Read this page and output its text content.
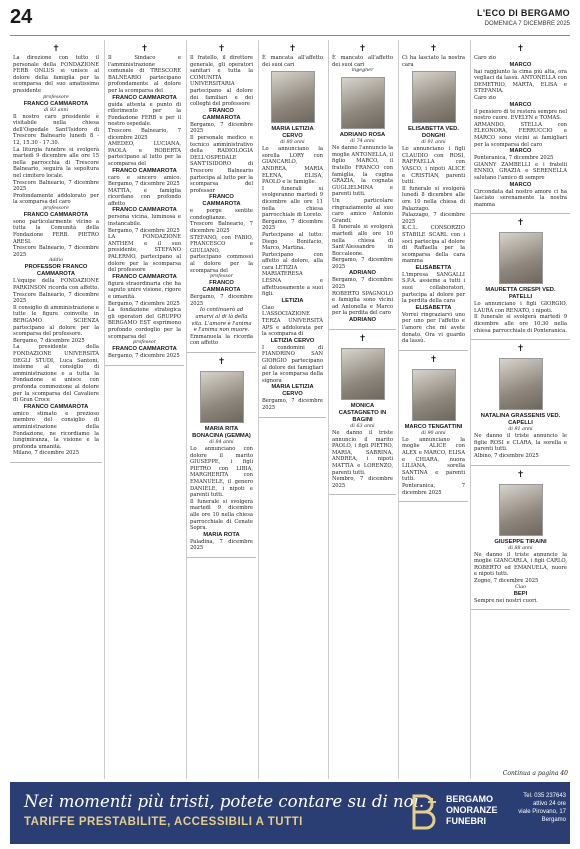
24	L'ECO DI BERGAMO
DOMENICA 7 DICEMBRE 2025
✝
La direzione con tutto il personale della FONDAZIONE FERB ONLUS si unisce al dolore della famiglia per la scomparsa del suo amatissimo presidente
professore
FRANCO CAMMAROTA
di 83 anni
Il nostro caro presidente è visitabile nella chiesa dell'Ospedale Sant'Isidoro di Trescore Balneario lunedì 8 - 12, 15.30 - 17.30.
La liturgia funebre si svolgerà martedì 9 dicembre alle ore 15 nella parrocchia di Trescore Balneario, seguirà la sepoltura nel cimitero locale.
Trescore Balneario, 7 dicembre 2025
Profondamente addolorato per la scomparsa del caro
professore
FRANCO CAMMAROTA
sono particolarmente vicino a tutta la Comunità della Fondazione FERB. PIETRO ARESI.
Trescore Balneario, 7 dicembre 2025
Addio
PROFESSOR FRANCO CAMMAROTA
L'équipe della FONDAZIONE PARKINSON ricorda con affetto. Trescore Balneario, 7 dicembre 2025
Il consiglio di amministrazione e tutte le figure coinvolte in BERGAMO SCIENZA partecipano al dolore per la scomparsa del professore.
Bergamo, 7 dicembre 2025
La presidente della FONDAZIONE UNIVERSITÀ DEGLI STUDI, Luca Santoni, insieme al consiglio di amministrazione e a tutta la Fondazione si unisce con profonda commozione al dolore per la scomparsa del Cavaliere di Gran Croce
FRANCO CAMMAROTA
amico stimato e prezioso membro del consiglio di amministrazione della Fondazione, ne ricordiamo la lungimiranza, la visione e la profonda umanità.
Milano, 7 dicembre 2025
✝
Il Sindaco e l'amministrazione comunale di TRESCORE BALNEARIO partecipano profondamente al dolore per la scomparsa del
FRANCO CAMMAROTA
guida attenta e punto di riferimento per la Fondazione FERB e per il nostro ospedale.
Trescore Balneario, 7 dicembre 2025
AMEDEO, LUCIANA, PAOLA e ROBERTA partecipano al lutto per la scomparsa del
FRANCO CAMMAROTA
caro e sincero amico. Bergamo, 7 dicembre 2025
MATTIA, e famiglia ricordano con profondo affetto
FRANCO CAMMAROTA
persona vicina, luminosa e instancabile.
Bergamo, 7 dicembre 2025
LA FONDAZIONE ANTHEM e il suo presidente, STEFANO PALERMO, partecipano al dolore per la scomparsa del professore
FRANCO CAMMAROTA
figura straordinaria che ha saputo unire visione, rigore e umanità.
Bergamo, 7 dicembre 2025
La fondazione strategica gli operatori del GRUPPO BERGAMO EST esprimono profondo cordoglio per la scomparsa del
professor
FRANCO CAMMAROTA
Bergamo, 7 dicembre 2025
✝
Il fratello, il direttore generale, gli operatori sanitari e tutta la COMUNITÀ UNIVERSITARIA partecipano al dolore dei familiari e dei colleghi del professore
FRANCO CAMMAROTA
Bergamo, 7 dicembre 2025
Il personale medico e tecnico amministrativo della RADIOLOGIA DELL'OSPEDALE SANT'ISIDORO di Trescore Balneario partecipa al lutto per la scomparsa del professor
FRANCO CAMMAROTA
e porge sentite condoglianze.
Trescore Balneario, 7 dicembre 2025
STEFANO, con FABIO, FRANCESCO e GIULIANO, partecipano commossi al dolore per la scomparsa del
professor
FRANCO CAMMAROTA
Bergamo, 7 dicembre 2025
Io continuerò ad amarvi al di là della vita. L'amore è l'anima e l'anima non muore.
Emmanuela la ricorda con affetto
✝
MARIA RITA BONACINA (GEMMA)
di 84 anni
Lo annunciano con dolore il marito GIUSEPPE, i figli PIETRO con LIBIA, MARGHERITA con EMANUELE, il genero DANIELE, i nipoti e parenti tutti.
Il funerale si svolgerà martedì 9 dicembre alle ore 10 nella chiesa parrocchiale di Cenate Sopra.
MARIA ROTA
Paladina, 7 dicembre 2025
✝
È mancata all'affetto dei suoi cari
MARIA LETIZIA CERVO
di 80 anni
Lo annunciano la sorella LORY con GIANCARLO, ANDREA, MARIA ELENA, ELISA, PAOLO e le famiglie.
I funerali si svolgeranno martedì 9 dicembre alle ore 11 nella chiesa parrocchiale di Loreto.
Bergamo, 7 dicembre 2025
Partecipano al lutto: Diego Bonifacio, Marco, Martina.
Partecipano con affetto al dolore, alla cara LETIZIA
MARIATERESA LESNA e affettuosamente a suoi figli.
LETIZIA
Ciao
L'ASSOCIAZIONE TERZA UNIVERSITÀ APS e addolorata per la scomparsa di
LETIZIA CERVO
I condomini di FIANDRINO SAN GIORGIO partecipano al dolore dei famigliari per la scomparsa della signora
MARIA LETIZIA CERVO
Bergamo, 7 dicembre 2025
✝
È mancato all'affetto dei suoi cari
ingegner
ADRIANO ROSA
di 74 anni
Ne danno l'annuncio la moglie ANTONELLA, il figlio MARCO, il fratello FRANCO con famiglia, la cugina GRAZIA, la cognata GUGLIELMINA e parenti tutti.
Un particolare ringraziamento al suo caro amico Antonio Grandi.
Il funerale si svolgerà martedì alle ore 10 nella chiesa di Sant'Alessandro in Boccaleone.
Bergamo, 7 dicembre 2025
ADRIANO
Bergamo, 7 dicembre 2025
ROBERTO SPAGNOLO e famiglia sono vicini ad Antonella e Marco per la perdita del caro
ADRIANO
✝
MONICA CASTAGNETO IN BAGINI
di 63 anni
Ne danno il triste annuncio il marito PAOLO, i figli PIETRO, MARIA, SABRINA, ANDREA, i nipoti MATTIA e LORENZO, parenti tutti.
Nembro, 7 dicembre 2025
✝
Ci ha lasciato la nostra cara
ELISABETTA VED. DONGHI
di 91 anni
Lo annunciano i figli CLAUDIO con ROSI, RAFFAELLA con VASCO, i nipoti ALICE e CRISTIAN, parenti tutti.
Il funerale si svolgerà lunedì 8 dicembre alle ore 10 nella chiesa di Palazzago.
Palazzago, 7 dicembre 2025
K.C.L. CONSORZIO STABILE SCARL con i soci partecipa al dolore di Raffaella per la scomparsa della cara mamma
ELISABETTA
L'impresa SANGALLI S.P.A. assieme a tutti i suoi collaboratori, partecipa al dolore per la perdita della cara
ELISABETTA
Vorrei ringraziarvi uno per uno per l'affetto e l'amore che mi avete donato. Ora vi guardo da lassù.
✝
MARCO TENGATTINI
di 90 anni
Lo annunciano la moglie ALICE con ALEX e MARCO, ELISA e CHIARA, nuora LILIANA, sorella SANTINA e parenti tutti.
Ponteranica, 7 dicembre 2025
✝
Caro zio
MARCO
hai raggiunto la cima più alta, ora vegliaci da lassù. ANTONELLA con DEMETRIO, MARTA, ELISA e STEFANIA.
Caro zio
MARCO
il pensiero di te resterà sempre nel nostro cuore. EVELYN e TOMAS.
ARMANDO, STELLA con ELEONORA, FERRUCCIO e MARCO sono vicini ai famigliari per la scomparsa del caro
MARCO
Ponteranica, 7 dicembre 2025
GIANNY ZAMBELLI e i fratelli ENNIO, GRAZIA e SERENELLA salutano l'amico di sempre
MARCO
Circondata dal nostro amore ci ha lasciato serenamente la nostra mamma
✝
MAURETTA CRESPI VED. PATELLI
Lo annunciano i figli GIORGIO, LAURA con RENATO, i nipoti.
Il funerale si svolgerà martedì 9 dicembre alle ore 10.30 nella chiesa parrocchiale di Ponteranica.
✝
NATALINA GRASSENIS VED. CAPELLI
di 91 anni
Ne danno il triste annuncio le figlie ROSI e CLARA, la sorella e parenti tutti.
Albino, 7 dicembre 2025
✝
GIUSEPPE TIRAINI
di 88 anni
Ne danno il triste annuncio la moglie GIANCARLA, i figli CARLO, ROBERTO ed EMANUELA, nuore e nipoti tutti.
Zogno, 7 dicembre 2025
Ciao
BEPI
Sempre nei nostri cuori.
Continua a pagina 40
Nei momenti più tristi, potete contare su di noi.
TARIFFE PRESTABILITE, ACCESSIBILI A TUTTI
BERGAMO
ONORANZE
FUNEBRI
Tel. 035 237643
attivo 24 ore
viale Pirovano, 17
Bergamo
